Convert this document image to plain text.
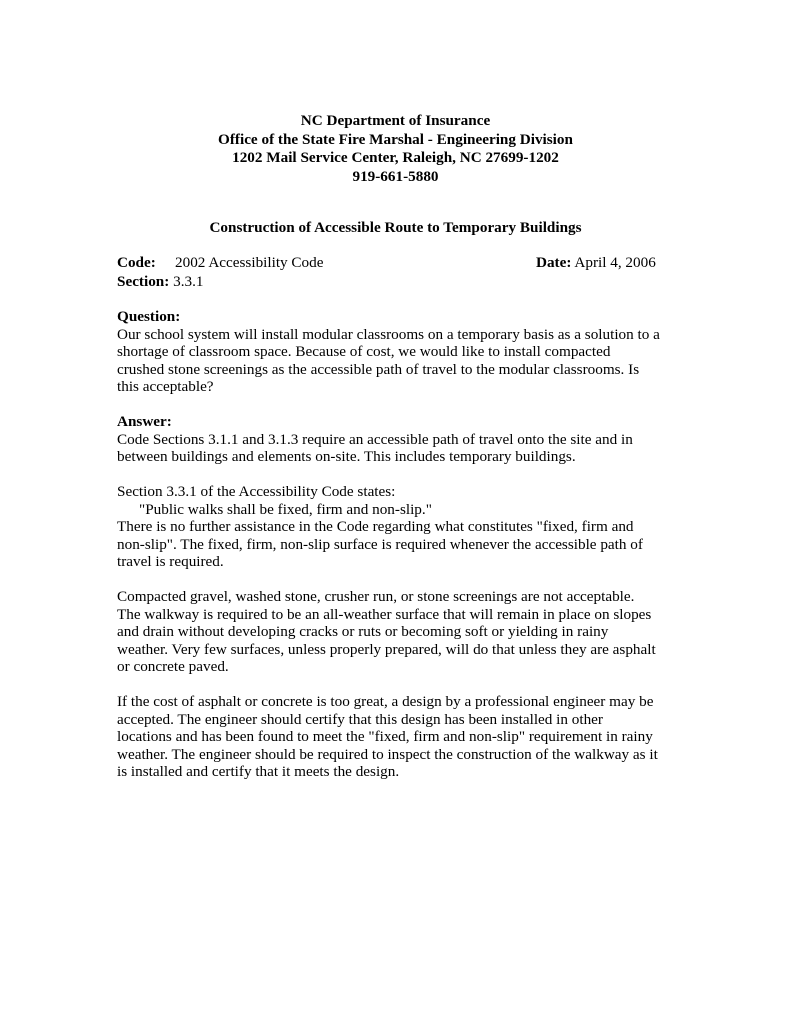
NC Department of Insurance
Office of the State Fire Marshal - Engineering Division
1202 Mail Service Center, Raleigh, NC 27699-1202
919-661-5880
Construction of Accessible Route to Temporary Buildings
Code: 2002 Accessibility Code	Date: April 4, 2006
Section: 3.3.1
Question:
Our school system will install modular classrooms on a temporary basis as a solution to a
shortage of classroom space. Because of cost, we would like to install compacted
crushed stone screenings as the accessible path of travel to the modular classrooms. Is
this acceptable?
Answer:
Code Sections 3.1.1 and 3.1.3 require an accessible path of travel onto the site and in
between buildings and elements on-site. This includes temporary buildings.
Section 3.3.1 of the Accessibility Code states:
"Public walks shall be fixed, firm and non-slip."
There is no further assistance in the Code regarding what constitutes "fixed, firm and
non-slip". The fixed, firm, non-slip surface is required whenever the accessible path of
travel is required.
Compacted gravel, washed stone, crusher run, or stone screenings are not acceptable.
The walkway is required to be an all-weather surface that will remain in place on slopes
and drain without developing cracks or ruts or becoming soft or yielding in rainy
weather. Very few surfaces, unless properly prepared, will do that unless they are asphalt
or concrete paved.
If the cost of asphalt or concrete is too great, a design by a professional engineer may be
accepted. The engineer should certify that this design has been installed in other
locations and has been found to meet the "fixed, firm and non-slip" requirement in rainy
weather. The engineer should be required to inspect the construction of the walkway as it
is installed and certify that it meets the design.
